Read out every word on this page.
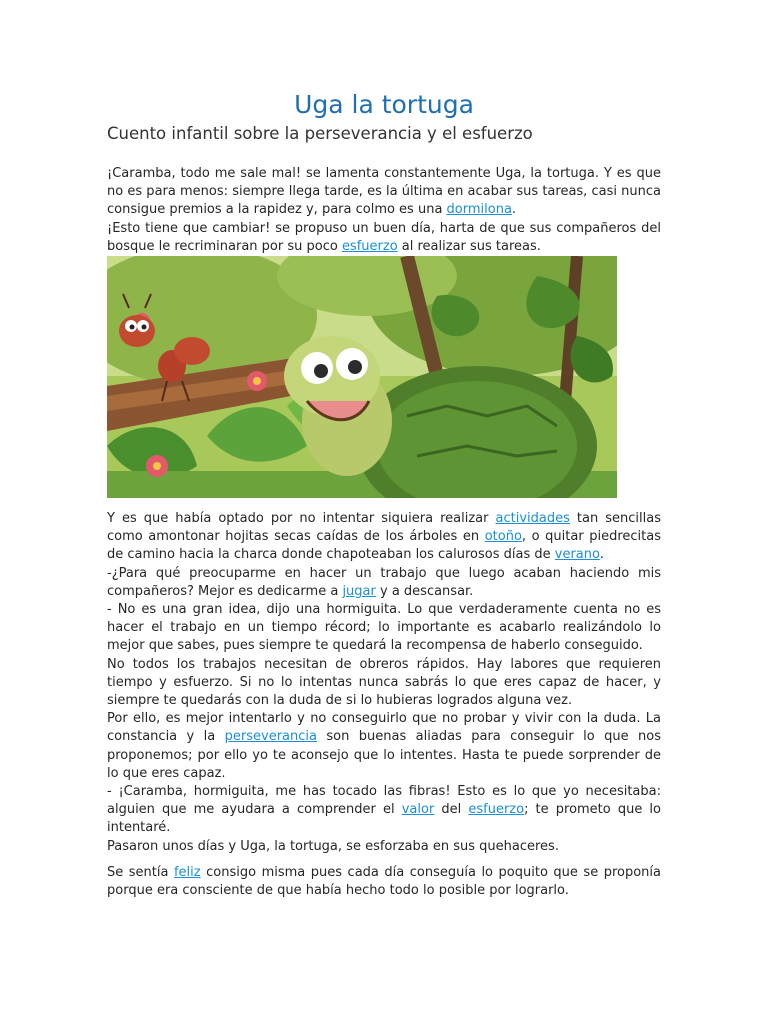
Uga la tortuga
Cuento infantil sobre la perseverancia y el esfuerzo

¡Caramba, todo me sale mal! se lamenta constantemente Uga, la tortuga. Y es que no es para menos: siempre llega tarde, es la última en acabar sus tareas, casi nunca consigue premios a la rapidez y, para colmo es una dormilona.

¡Esto tiene que cambiar! se propuso un buen día, harta de que sus compañeros del bosque le recriminaran por su poco esfuerzo al realizar sus tareas.

Y es que había optado por no intentar siquiera realizar actividades tan sencillas como amontonar hojitas secas caídas de los árboles en otoño, o quitar piedrecitas de camino hacia la charca donde chapoteaban los calurosos días de verano.

-¿Para qué preocuparme en hacer un trabajo que luego acaban haciendo mis compañeros? Mejor es dedicarme a jugar y a descansar.

- No es una gran idea, dijo una hormiguita. Lo que verdaderamente cuenta no es hacer el trabajo en un tiempo récord; lo importante es acabarlo realizándolo lo mejor que sabes, pues siempre te quedará la recompensa de haberlo conseguido.

No todos los trabajos necesitan de obreros rápidos. Hay labores que requieren tiempo y esfuerzo. Si no lo intentas nunca sabrás lo que eres capaz de hacer, y siempre te quedarás con la duda de si lo hubieras logrados alguna vez.

Por ello, es mejor intentarlo y no conseguirlo que no probar y vivir con la duda. La constancia y la perseverancia son buenas aliadas para conseguir lo que nos proponemos; por ello yo te aconsejo que lo intentes. Hasta te puede sorprender de lo que eres capaz.

- ¡Caramba, hormiguita, me has tocado las fibras! Esto es lo que yo necesitaba: alguien que me ayudara a comprender el valor del esfuerzo; te prometo que lo intentaré.

Pasaron unos días y Uga, la tortuga, se esforzaba en sus quehaceres.

Se sentía feliz consigo misma pues cada día conseguía lo poquito que se proponía porque era consciente de que había hecho todo lo posible por lograrlo.
